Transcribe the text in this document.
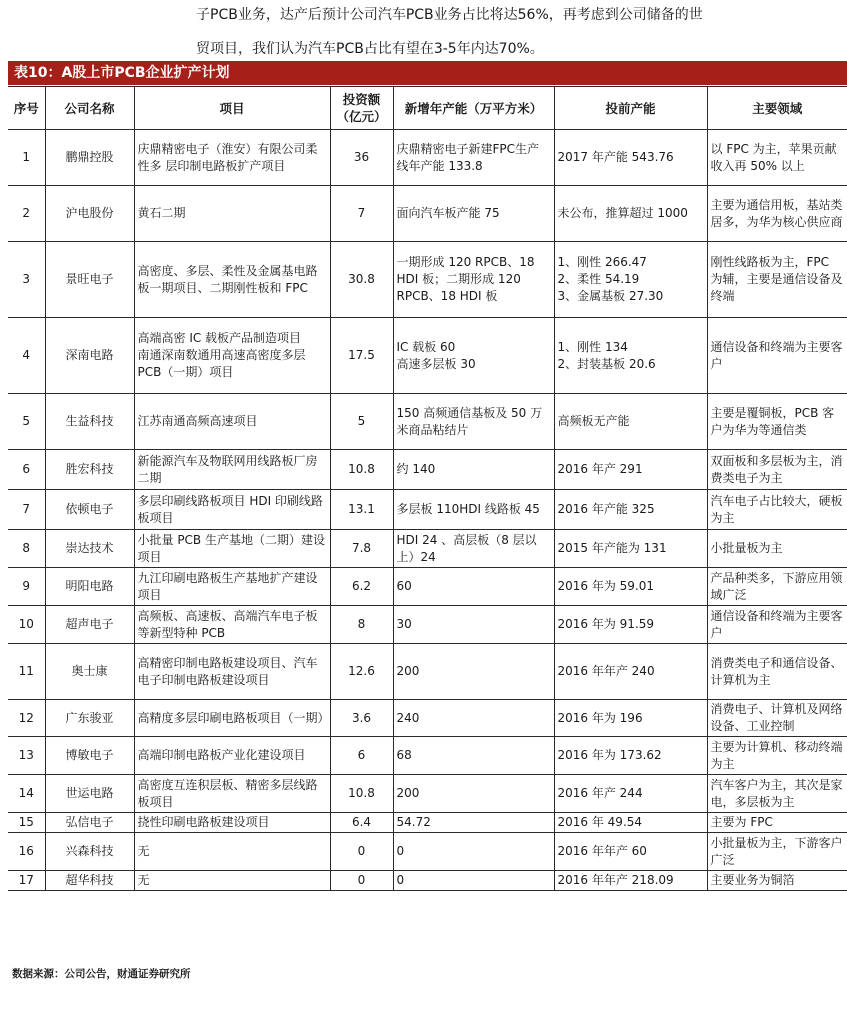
子PCB业务，达产后预计公司汽车PCB业务占比将达56%，再考虑到公司储备的世

贸项目，我们认为汽车PCB占比有望在3-5年内达70%。

表10：A股上市PCB企业扩产计划
序号	公司名称	项目	投资额（亿元）	新增年产能（万平方米）	投前产能	主要领域
1	鹏鼎控股	庆鼎精密电子（淮安）有限公司柔性多 层印制电路板扩产项目	36	庆鼎精密电子新建FPC生产线年产能 133.8	2017 年产能 543.76	以 FPC 为主，苹果贡献收入再 50% 以上
2	沪电股份	黄石二期	7	面向汽车板产能 75	未公布，推算超过 1000	主要为通信用板，基站类居多，为华为核心供应商
3	景旺电子	高密度、多层、柔性及金属基电路板一期项目、二期刚性板和 FPC	30.8	一期形成 120 RPCB、18 HDI 板；二期形成 120 RPCB、18 HDI 板	1、刚性 266.47
2、柔性 54.19
3、金属基板 27.30	刚性线路板为主，FPC 为辅，主要是通信设备及终端
4	深南电路	高端高密 IC 载板产品制造项目
南通深南数通用高速高密度多层 PCB（一期）项目	17.5	IC 载板 60
高速多层板 30	1、刚性 134
2、封装基板 20.6	通信设备和终端为主要客户
5	生益科技	江苏南通高频高速项目	5	150 高频通信基板及 50 万米商品粘结片	高频板无产能	主要是覆铜板，PCB 客户为华为等通信类
6	胜宏科技	新能源汽车及物联网用线路板厂房二期	10.8	约 140	2016 年产 291	双面板和多层板为主，消费类电子为主
7	依顿电子	多层印刷线路板项目 HDI 印刷线路板项目	13.1	多层板 110HDI 线路板 45	2016 年产能 325	汽车电子占比较大，硬板为主
8	崇达技术	小批量 PCB 生产基地（二期）建设项目	7.8	HDI 24 、高层板（8 层以上）24	2015 年产能为 131	小批量板为主
9	明阳电路	九江印刷电路板生产基地扩产建设项目	6.2	60	2016 年为 59.01	产品种类多，下游应用领域广泛
10	超声电子	高频板、高速板、高端汽车电子板等新型特种 PCB	8	30	2016 年为 91.59	通信设备和终端为主要客户
11	奥士康	高精密印制电路板建设项目、汽车电子印制电路板建设项目	12.6	200	2016 年年产 240	消费类电子和通信设备、计算机为主
12	广东骏亚	高精度多层印刷电路板项目（一期）	3.6	240	2016 年为 196	消费电子、计算机及网络设备、工业控制
13	博敏电子	高端印制电路板产业化建设项目	6	68	2016 年为 173.62	主要为计算机、移动终端为主
14	世运电路	高密度互连积层板、精密多层线路板项目	10.8	200	2016 年产 244	汽车客户为主，其次是家电，多层板为主
15	弘信电子	挠性印刷电路板建设项目	6.4	54.72	2016 年 49.54	主要为 FPC
16	兴森科技	无	0	0	2016 年年产 60	小批量板为主，下游客户广泛
17	超华科技	无	0	0	2016 年年产 218.09	主要业务为铜箔
数据来源：公司公告，财通证券研究所
